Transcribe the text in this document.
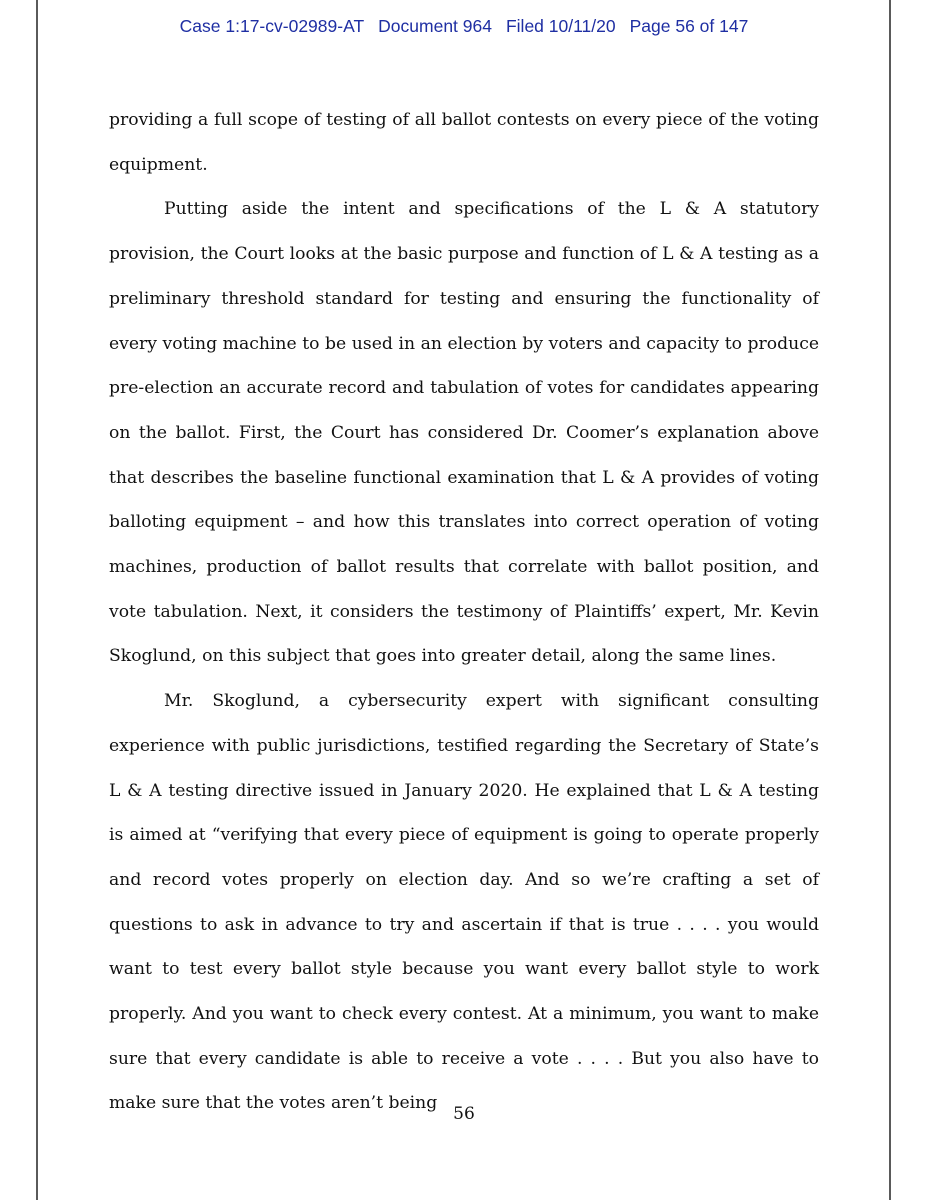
Case 1:17-cv-02989-AT Document 964 Filed 10/11/20 Page 56 of 147

providing a full scope of testing of all ballot contests on every piece of the voting equipment.

Putting aside the intent and specifications of the L & A statutory provision, the Court looks at the basic purpose and function of L & A testing as a preliminary threshold standard for testing and ensuring the functionality of every voting machine to be used in an election by voters and capacity to produce pre-election an accurate record and tabulation of votes for candidates appearing on the ballot. First, the Court has considered Dr. Coomer’s explanation above that describes the baseline functional examination that L & A provides of voting balloting equipment – and how this translates into correct operation of voting machines, production of ballot results that correlate with ballot position, and vote tabulation. Next, it considers the testimony of Plaintiffs’ expert, Mr. Kevin Skoglund, on this subject that goes into greater detail, along the same lines.

Mr. Skoglund, a cybersecurity expert with significant consulting experience with public jurisdictions, testified regarding the Secretary of State’s L & A testing directive issued in January 2020. He explained that L & A testing is aimed at “verifying that every piece of equipment is going to operate properly and record votes properly on election day. And so we’re crafting a set of questions to ask in advance to try and ascertain if that is true . . . . you would want to test every ballot style because you want every ballot style to work properly. And you want to check every contest. At a minimum, you want to make sure that every candidate is able to receive a vote . . . . But you also have to make sure that the votes aren’t being

56
